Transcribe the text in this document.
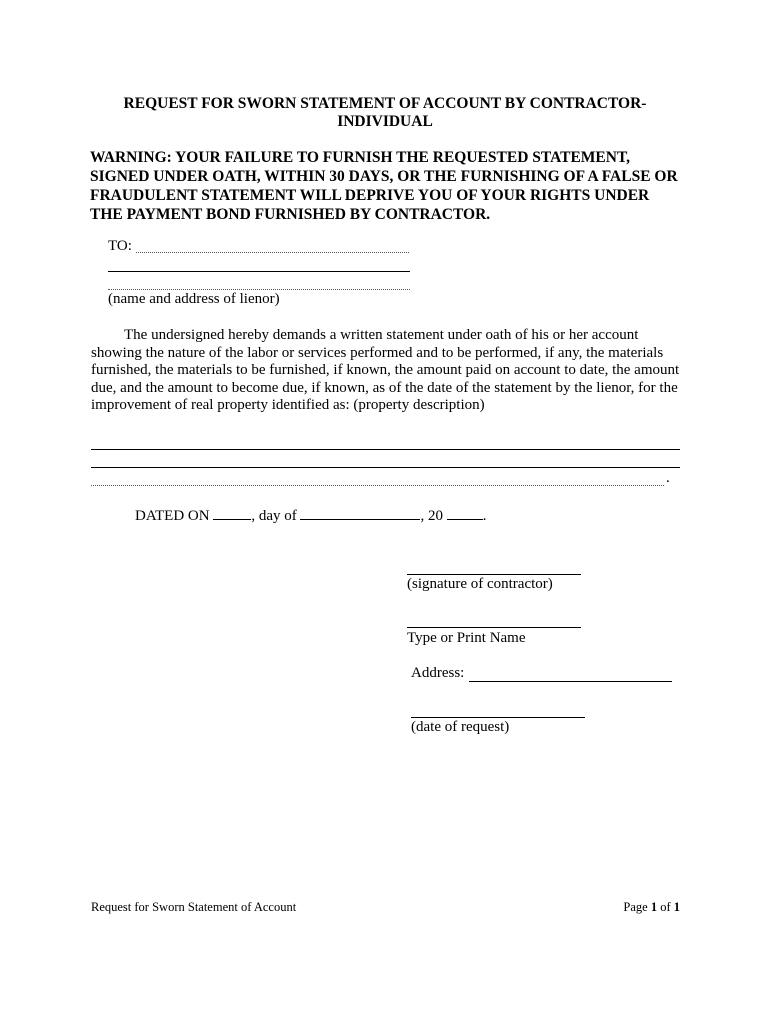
REQUEST FOR SWORN STATEMENT OF ACCOUNT BY CONTRACTOR-
INDIVIDUAL
WARNING: YOUR FAILURE TO FURNISH THE REQUESTED STATEMENT, SIGNED UNDER OATH, WITHIN 30 DAYS, OR THE FURNISHING OF A FALSE OR FRAUDULENT STATEMENT WILL DEPRIVE YOU OF YOUR RIGHTS UNDER THE PAYMENT BOND FURNISHED BY CONTRACTOR.
TO:
(name and address of lienor)

The undersigned hereby demands a written statement under oath of his or her account showing the nature of the labor or services performed and to be performed, if any, the materials furnished, the materials to be furnished, if known, the amount paid on account to date, the amount

due, and the amount to become due, if known, as of the date of the statement by the lienor, for the improvement of real property identified as: (property description)

.
DATED ON	, day of	, 20	.
(signature of contractor)
Type or Print Name
Address:
(date of request)
Request for Sworn Statement of Account	Page 1 of 1
